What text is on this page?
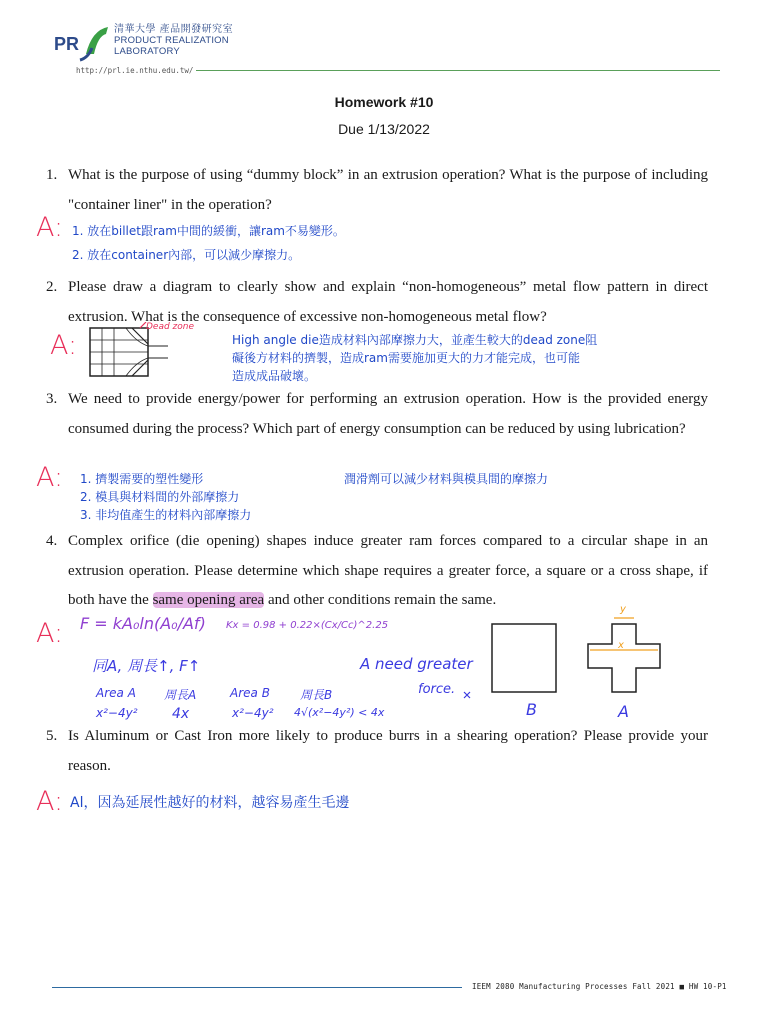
PR
清華大學 產品開發研究室
PRODUCT REALIZATION
LABORATORY
http://prl.ie.nthu.edu.tw/
Homework #10
Due 1/13/2022
1. What is the purpose of using “dummy block” in an extrusion operation? What is the purpose of including "container liner" in the operation?
A: 1. 放在billet跟ram中間的緩衝，讓ram不易變形。
2. 放在container內部，可以減少摩擦力。
2. Please draw a diagram to clearly show and explain “non-homogeneous” metal flow pattern in direct extrusion. What is the consequence of excessive non-homogeneous metal flow?
A:
Dead zone
High angle die造成材料內部摩擦力大，並產生較大的dead zone阻
礙後方材料的擠製，造成ram需要施加更大的力才能完成，也可能
造成成品破壞。
3. We need to provide energy/power for performing an extrusion operation. How is the provided energy consumed during the process? Which part of energy consumption can be reduced by using lubrication?
A: 1. 擠製需要的塑性變形
2. 模具與材料間的外部摩擦力
3. 非均值產生的材料內部摩擦力
潤滑劑可以減少材料與模具間的摩擦力
4. Complex orifice (die opening) shapes induce greater ram forces compared to a circular shape in an extrusion operation. Please determine which shape requires a greater force, a square or a cross shape, if both have the same opening area and other conditions remain the same.
A: F = kA₀ln(A₀/Af) Kx = 0.98 + 0.22×(Cx/Cc)^2.25
同A, 周長↑, F↑	A need greater
force.
Area A 周長A	Area B	周長B
x²−4y² 4x	x²−4y² 4√(x²−4y²) < 4x
y
x
B	A
5. Is Aluminum or Cast Iron more likely to produce burrs in a shearing operation? Please provide your reason.
A: Al，因為延展性越好的材料，越容易產生毛邊
IEEM 2080 Manufacturing Processes Fall 2021 ■ HW 10-P1
